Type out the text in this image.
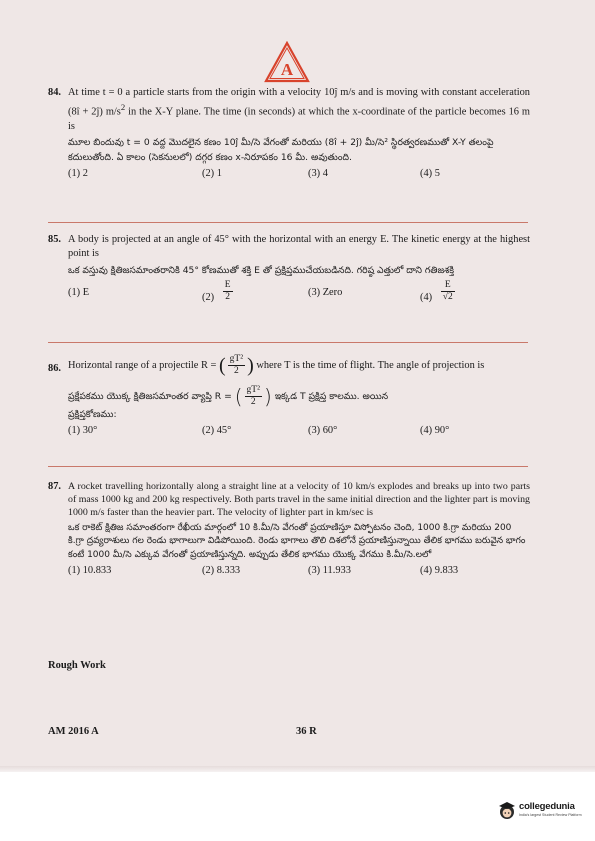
A
84. At time t = 0 a particle starts from the origin with a velocity 10ĵ m/s and is moving with constant acceleration (8î + 2ĵ) $m/s^2$ in the X-Y plane. The time (in seconds) at which the x-coordinate of the particle becomes 16 m is
మూల బిందువు t = 0 వద్ద మొదలైన కణం 10ĵ మీ/సె వేగంతో మరియు (8î + 2ĵ) మీ/సె² స్థిరత్వరణముతో X-Y తలంపై కదులుతోంది. ఏ కాలం (సెకనులలో) దగ్గర కణం x-నిరూపకం 16 మీ. అవుతుంది.
(1) 2	(2) 1	(3) 4	(4) 5
85. A body is projected at an angle of 45° with the horizontal with an energy E. The kinetic energy at the highest point is
ఒక వస్తువు క్షితిజసమాంతరానికి 45° కోణముతో శక్తి E తో ప్రక్షిప్తముచేయబడినది. గరిష్ఠ ఎత్తులో దాని గతిజశక్తి
(1) E	$(2) \frac{E}{2}$	(3) Zero	$(4) \frac{E}{√2}$
86. Horizontal range of a projectile R = ( $\frac{\text{gT²}}{2}$ ) where T is the time of flight. The angle of projection is
ప్రక్షేపకము యొక్క క్షితిజసమాంతర వ్యాప్తి R = ( $\frac{\text{gT²}}{2}$ ) ఇక్కడ T ప్రక్షిప్త కాలము. అయిన
ప్రక్షిప్తకోణము:
(1) 30°	(2) 45°	(3) 60°	(4) 90°
87. A rocket travelling horizontally along a straight line at a velocity of 10 km/s explodes and breaks up into two parts of mass 1000 kg and 200 kg respectively. Both parts travel in the same initial direction and the lighter part is moving 1000 m/s faster than the heavier part. The velocity of lighter part in km/sec is
ఒక రాకెట్ క్షితిజ సమాంతరంగా రేఖీయ మార్గంలో 10 కి.మీ/సె వేగంతో ప్రయాణిస్తూ విస్ఫోటనం చెంది, 1000 కి.గ్రా మరియు 200 కి.గ్రా ద్రవ్యరాశులు గల రెండు భాగాలుగా విడిపోయింది. రెండు భాగాలు తొలి దిశలోనే ప్రయాణిస్తున్నాయి తేలిక భాగము బరువైన భాగం కంటే 1000 మీ/సె ఎక్కువ వేగంతో ప్రయాణిస్తున్నది. అప్పుడు తేలిక భాగము యొక్క వేగము కి.మీ/సె.లలో
(1) 10.833	(2) 8.333	(3) 11.933	(4) 9.833
Rough Work
AM 2016 A	36 R
collegedunia
India's largest Student Review Platform
